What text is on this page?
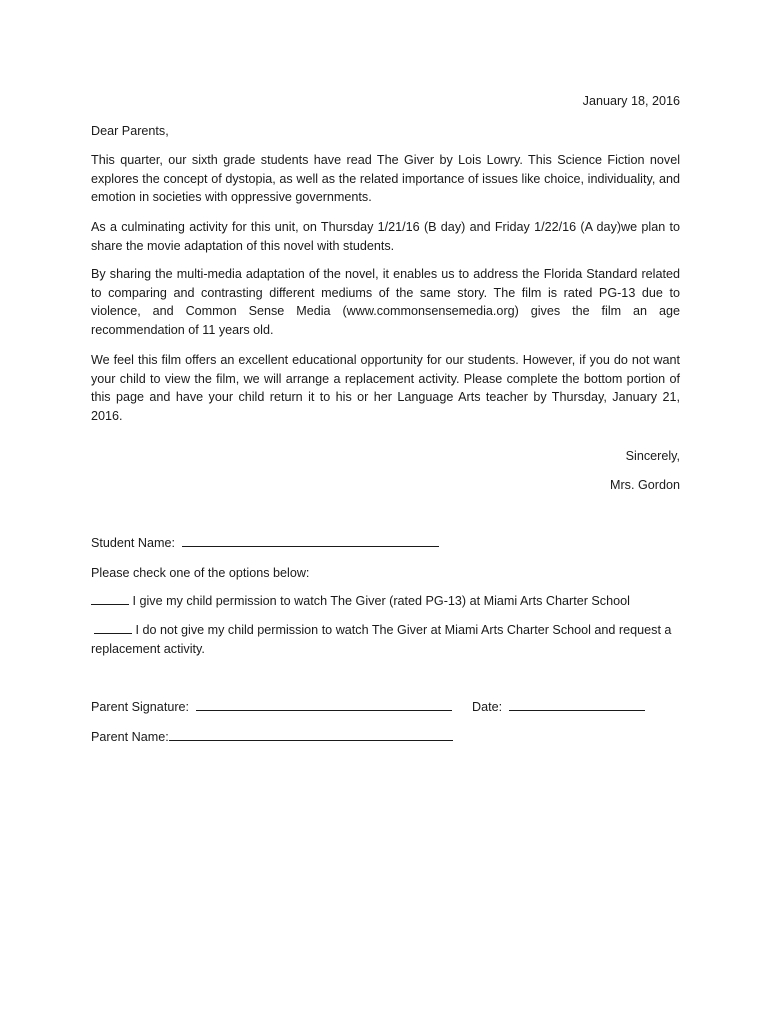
January 18, 2016

Dear Parents,

This quarter, our sixth grade students have read The Giver by Lois Lowry. This Science Fiction novel explores the concept of dystopia, as well as the related importance of issues like choice, individuality, and emotion in societies with oppressive governments.

As a culminating activity for this unit, on Thursday 1/21/16 (B day) and Friday 1/22/16 (A day)we plan to share the movie adaptation of this novel with students.

By sharing the multi-media adaptation of the novel, it enables us to address the Florida Standard related to comparing and contrasting different mediums of the same story. The film is rated PG-13 due to violence, and Common Sense Media (www.commonsensemedia.org) gives the film an age recommendation of 11 years old.

We feel this film offers an excellent educational opportunity for our students. However, if you do not want your child to view the film, we will arrange a replacement activity. Please complete the bottom portion of this page and have your child return it to his or her Language Arts teacher by Thursday, January 21, 2016.

Sincerely,

Mrs. Gordon

Student Name:

Please check one of the options below:

I give my child permission to watch The Giver (rated PG-13) at Miami Arts Charter School
I do not give my child permission to watch The Giver at Miami Arts Charter School and request a replacement activity.
Parent Signature:	Date:
Parent Name:
